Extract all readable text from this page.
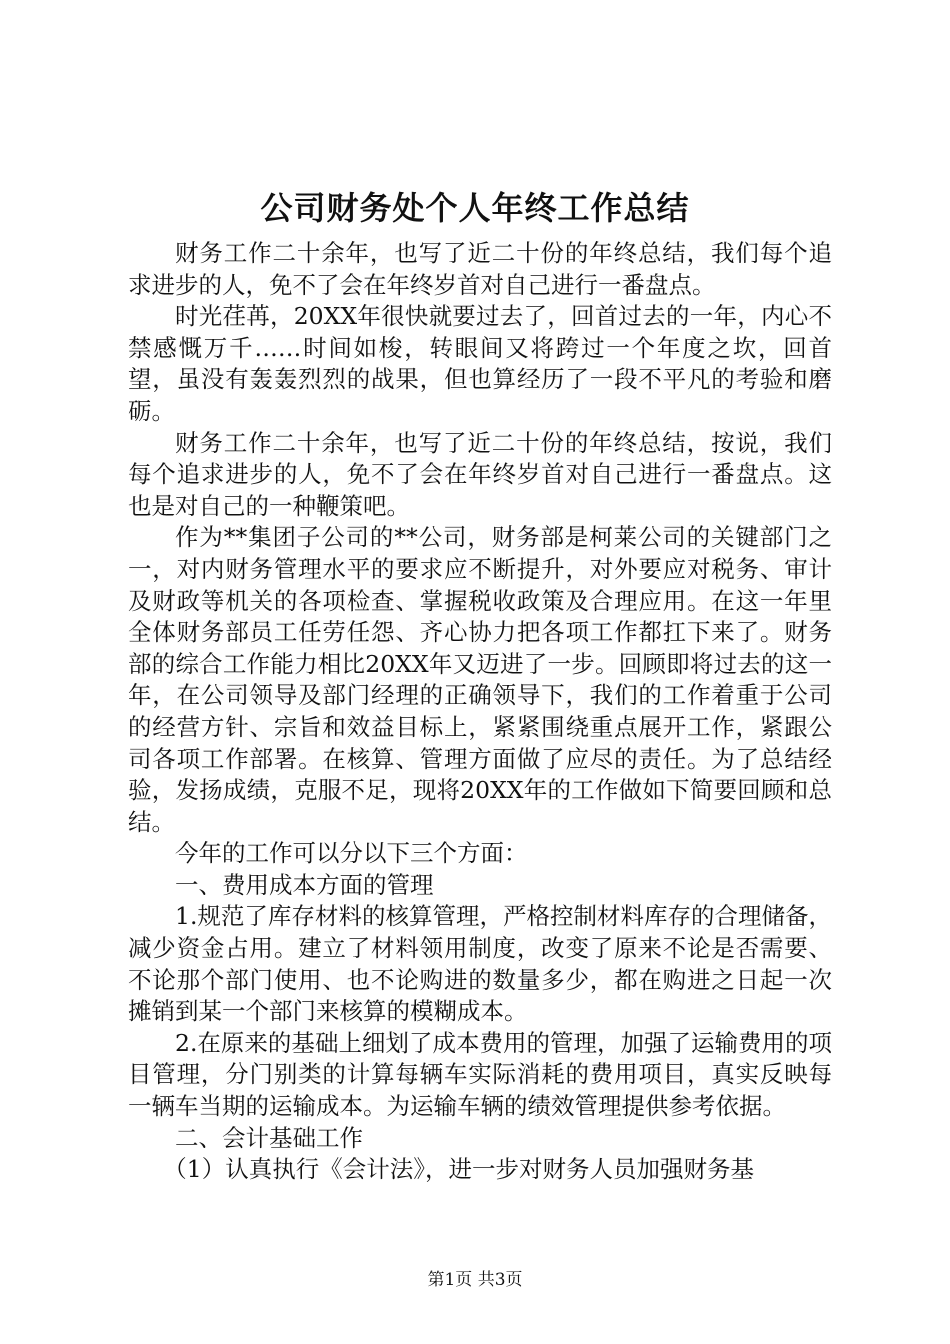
公司财务处个人年终工作总结

财务工作二十余年，也写了近二十份的年终总结，我们每个追求进步的人，免不了会在年终岁首对自己进行一番盘点。

时光荏苒，20XX年很快就要过去了，回首过去的一年，内心不禁感慨万千……时间如梭，转眼间又将跨过一个年度之坎，回首望，虽没有轰轰烈烈的战果，但也算经历了一段不平凡的考验和磨砺。

财务工作二十余年，也写了近二十份的年终总结，按说，我们每个追求进步的人，免不了会在年终岁首对自己进行一番盘点。这也是对自己的一种鞭策吧。

作为**集团子公司的**公司，财务部是柯莱公司的关键部门之一，对内财务管理水平的要求应不断提升，对外要应对税务、审计及财政等机关的各项检查、掌握税收政策及合理应用。在这一年里全体财务部员工任劳任怨、齐心协力把各项工作都扛下来了。财务部的综合工作能力相比20XX年又迈进了一步。回顾即将过去的这一年，在公司领导及部门经理的正确领导下，我们的工作着重于公司的经营方针、宗旨和效益目标上，紧紧围绕重点展开工作，紧跟公司各项工作部署。在核算、管理方面做了应尽的责任。为了总结经验，发扬成绩，克服不足，现将20XX年的工作做如下简要回顾和总结。

今年的工作可以分以下三个方面：

一、费用成本方面的管理

1.规范了库存材料的核算管理，严格控制材料库存的合理储备，减少资金占用。建立了材料领用制度，改变了原来不论是否需要、不论那个部门使用、也不论购进的数量多少，都在购进之日起一次摊销到某一个部门来核算的模糊成本。

2.在原来的基础上细划了成本费用的管理，加强了运输费用的项目管理，分门别类的计算每辆车实际消耗的费用项目，真实反映每一辆车当期的运输成本。为运输车辆的绩效管理提供参考依据。

二、会计基础工作

（1）认真执行《会计法》，进一步对财务人员加强财务基

第1页 共3页
